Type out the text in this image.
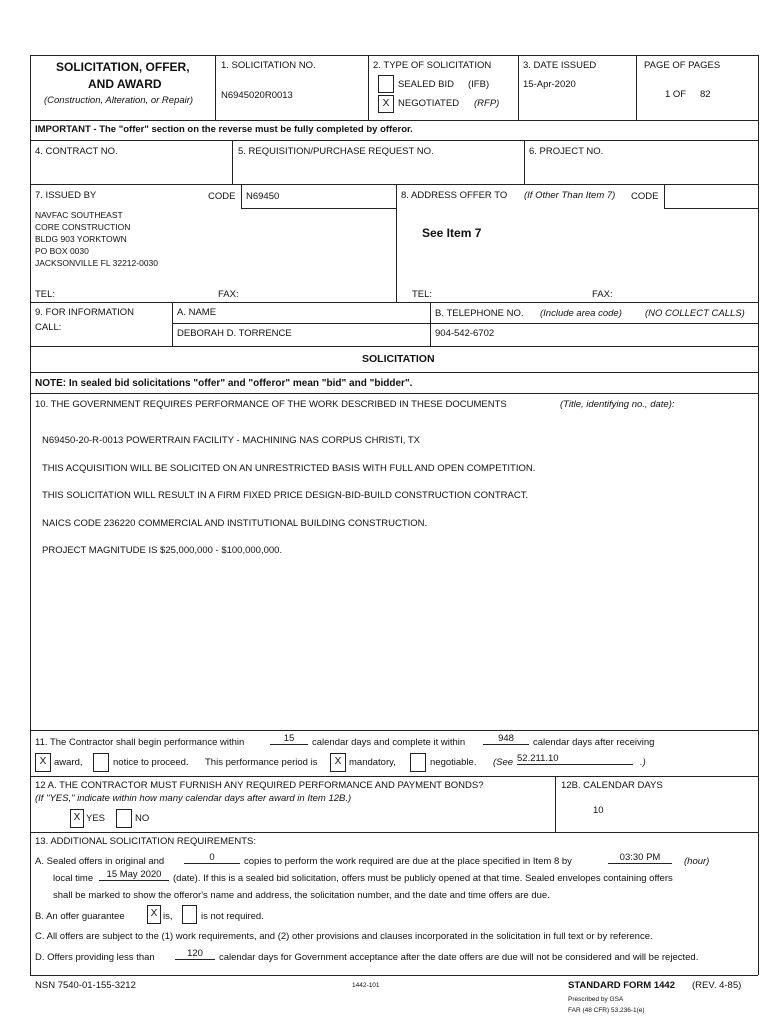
SOLICITATION, OFFER,
AND AWARD
(Construction, Alteration, or Repair)
1. SOLICITATION NO.
N6945020R0013
2. TYPE OF SOLICITATION
SEALED BID (IFB)
X NEGOTIATED (RFP)
3. DATE ISSUED
15-Apr-2020
PAGE OF PAGES
1 OF 82
IMPORTANT - The "offer" section on the reverse must be fully completed by offeror.
4. CONTRACT NO.	5. REQUISITION/PURCHASE REQUEST NO.	6. PROJECT NO.
7. ISSUED BY	CODE N69450
NAVFAC SOUTHEAST
CORE CONSTRUCTION
BLDG 903 YORKTOWN
PO BOX 0030
JACKSONVILLE FL 32212-0030
TEL:	FAX:
8. ADDRESS OFFER TO (If Other Than Item 7) CODE
See Item 7
TEL:	FAX:
9. FOR INFORMATION
CALL:
A. NAME
DEBORAH D. TORRENCE
B. TELEPHONE NO. (Include area code) (NO COLLECT CALLS)
904-542-6702
SOLICITATION
NOTE: In sealed bid solicitations "offer" and "offeror" mean "bid" and "bidder".
10. THE GOVERNMENT REQUIRES PERFORMANCE OF THE WORK DESCRIBED IN THESE DOCUMENTS	(Title, identifying no., date):
N69450-20-R-0013 POWERTRAIN FACILITY - MACHINING NAS CORPUS CHRISTI, TX
THIS ACQUISITION WILL BE SOLICITED ON AN UNRESTRICTED BASIS WITH FULL AND OPEN COMPETITION.
THIS SOLICITATION WILL RESULT IN A FIRM FIXED PRICE DESIGN-BID-BUILD CONSTRUCTION CONTRACT.
NAICS CODE 236220 COMMERCIAL AND INSTITUTIONAL BUILDING CONSTRUCTION.
PROJECT MAGNITUDE IS $25,000,000 - $100,000,000.
11. The Contractor shall begin performance within	15	calendar days and complete it within	948	calendar days after receiving
X award,	notice to proceed. This performance period is	X mandatory,	negotiable. (See 52.211.10	.)
12 A. THE CONTRACTOR MUST FURNISH ANY REQUIRED PERFORMANCE AND PAYMENT BONDS?
(If "YES," indicate within how many calendar days after award in Item 12B.)
X YES	NO
12B. CALENDAR DAYS
10
13. ADDITIONAL SOLICITATION REQUIREMENTS:
A. Sealed offers in original and	0	copies to perform the work required are due at the place specified in Item 8 by	03:30 PM	(hour)
local time	15 May 2020	(date). If this is a sealed bid solicitation, offers must be publicly opened at that time. Sealed envelopes containing offers
shall be marked to show the offeror's name and address, the solicitation number, and the date and time offers are due.
B. An offer guarantee	X is,	is not required.
C. All offers are subject to the (1) work requirements, and (2) other provisions and clauses incorporated in the solicitation in full text or by reference.
D. Offers providing less than	120	calendar days for Government acceptance after the date offers are due will not be considered and will be rejected.
NSN 7540-01-155-3212	1442-101	STANDARD FORM 1442 (REV. 4-85)
Prescribed by GSA
FAR (48 CFR) 53.236-1(e)
